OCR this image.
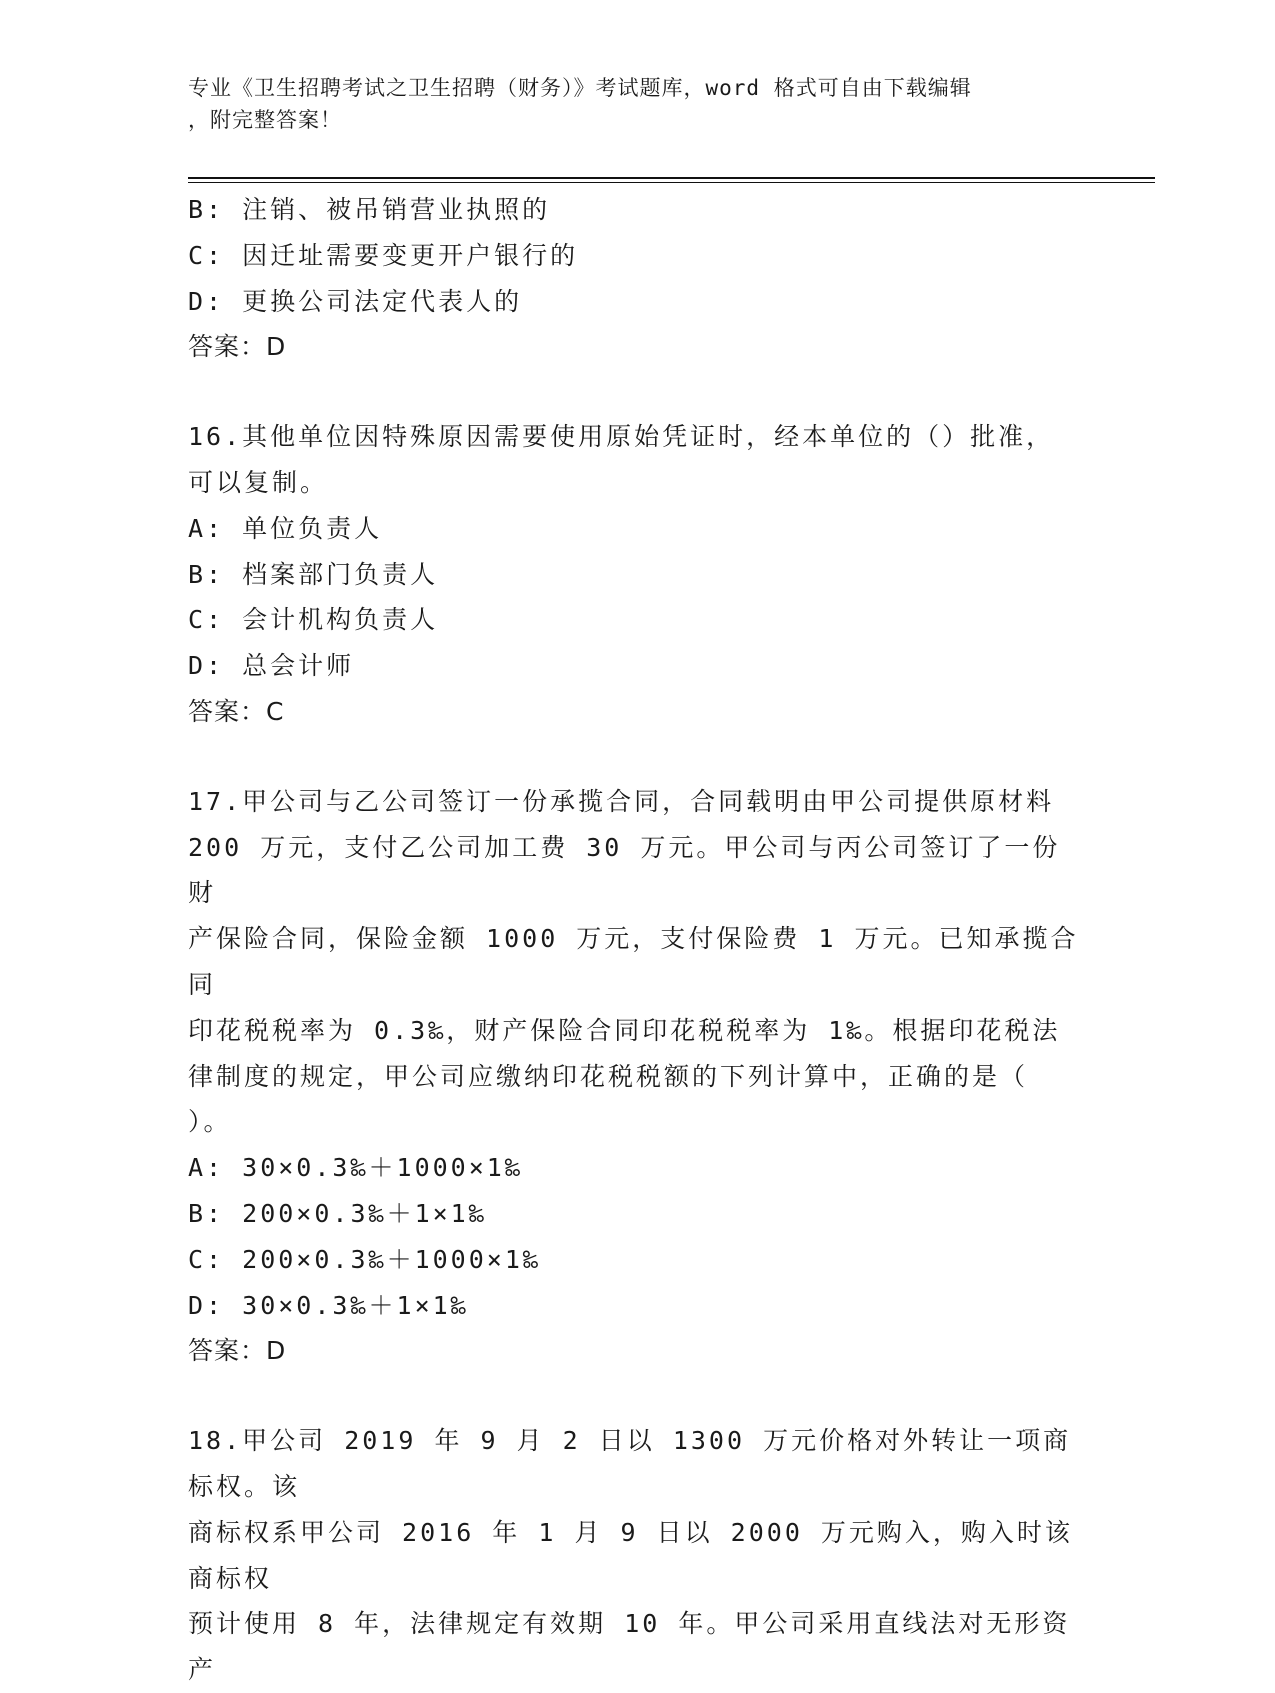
专业《卫生招聘考试之卫生招聘（财务）》考试题库，word 格式可自由下载编辑
，附完整答案！
B: 注销、被吊销营业执照的
C: 因迁址需要变更开户银行的
D: 更换公司法定代表人的
答案：D
16.其他单位因特殊原因需要使用原始凭证时，经本单位的（）批准，
可以复制。
A: 单位负责人
B: 档案部门负责人
C: 会计机构负责人
D: 总会计师
答案：C
17.甲公司与乙公司签订一份承揽合同，合同载明由甲公司提供原材料
200 万元，支付乙公司加工费 30 万元。甲公司与丙公司签订了一份财
产保险合同，保险金额 1000 万元，支付保险费 1 万元。已知承揽合同
印花税税率为 0.3‰，财产保险合同印花税税率为 1‰。根据印花税法
律制度的规定，甲公司应缴纳印花税税额的下列计算中，正确的是（
）。
A: 30×0.3‰＋1000×1‰
B: 200×0.3‰＋1×1‰
C: 200×0.3‰＋1000×1‰
D: 30×0.3‰＋1×1‰
答案：D
18.甲公司 2019 年 9 月 2 日以 1300 万元价格对外转让一项商标权。该
商标权系甲公司 2016 年 1 月 9 日以 2000 万元购入，购入时该商标权
预计使用 8 年，法律规定有效期 10 年。甲公司采用直线法对无形资产
